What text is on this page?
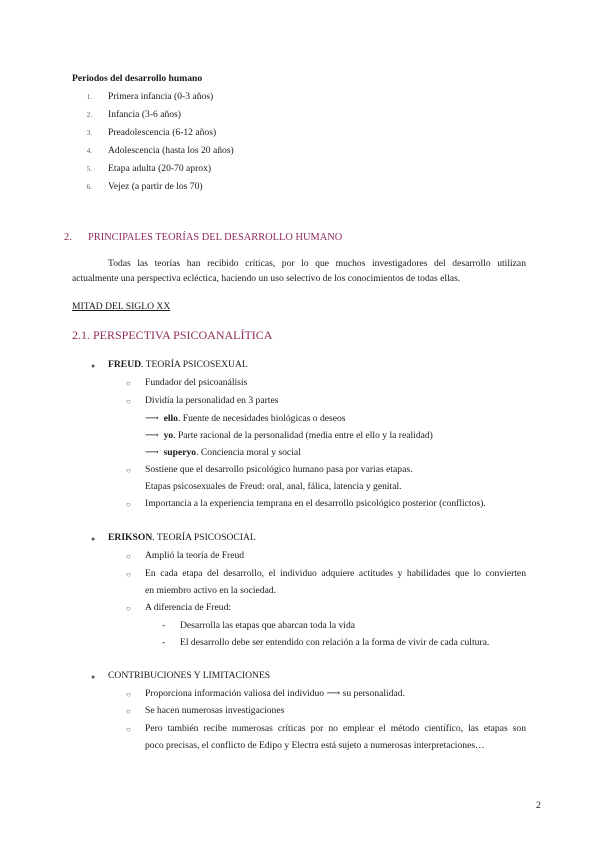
Periodos del desarrollo humano
1. Primera infancia (0-3 años)
2. Infancia (3-6 años)
3. Preadolescencia (6-12 años)
4. Adolescencia (hasta los 20 años)
5. Etapa adulta (20-70 aprox)
6. Vejez (a partir de los 70)
2. PRINCIPALES TEORÍAS DEL DESARROLLO HUMANO
Todas las teorías han recibido críticas, por lo que muchos investigadores del desarrollo utilizan
actualmente una perspectiva ecléctica, haciendo un uso selectivo de los conocimientos de todas ellas.
MITAD DEL SIGLO XX
2.1. PERSPECTIVA PSICOANALÍTICA
● FREUD. TEORÍA PSICOSEXUAL
○ Fundador del psicoanálisis
○ Dividía la personalidad en 3 partes
⟶ ello. Fuente de necesidades biológicas o deseos
⟶ yo. Parte racional de la personalidad (media entre el ello y la realidad)
⟶ superyo. Conciencia moral y social
○ Sostiene que el desarrollo psicológico humano pasa por varias etapas.
Etapas psicosexuales de Freud: oral, anal, fálica, latencia y genital.
○ Importancia a la experiencia temprana en el desarrollo psicológico posterior (conflictos).
● ERIKSON. TEORÍA PSICOSOCIAL
○ Amplió la teoría de Freud
○ En cada etapa del desarrollo, el individuo adquiere actitudes y habilidades que lo convierten
en miembro activo en la sociedad.
○ A diferencia de Freud:
- Desarrolla las etapas que abarcan toda la vida
- El desarrollo debe ser entendido con relación a la forma de vivir de cada cultura.
● CONTRIBUCIONES Y LIMITACIONES
○ Proporciona información valiosa del individuo ⟶ su personalidad.
○ Se hacen numerosas investigaciones
○ Pero también recibe numerosas críticas por no emplear el método científico, las etapas son
poco precisas, el conflicto de Edipo y Electra está sujeto a numerosas interpretaciones…
2
